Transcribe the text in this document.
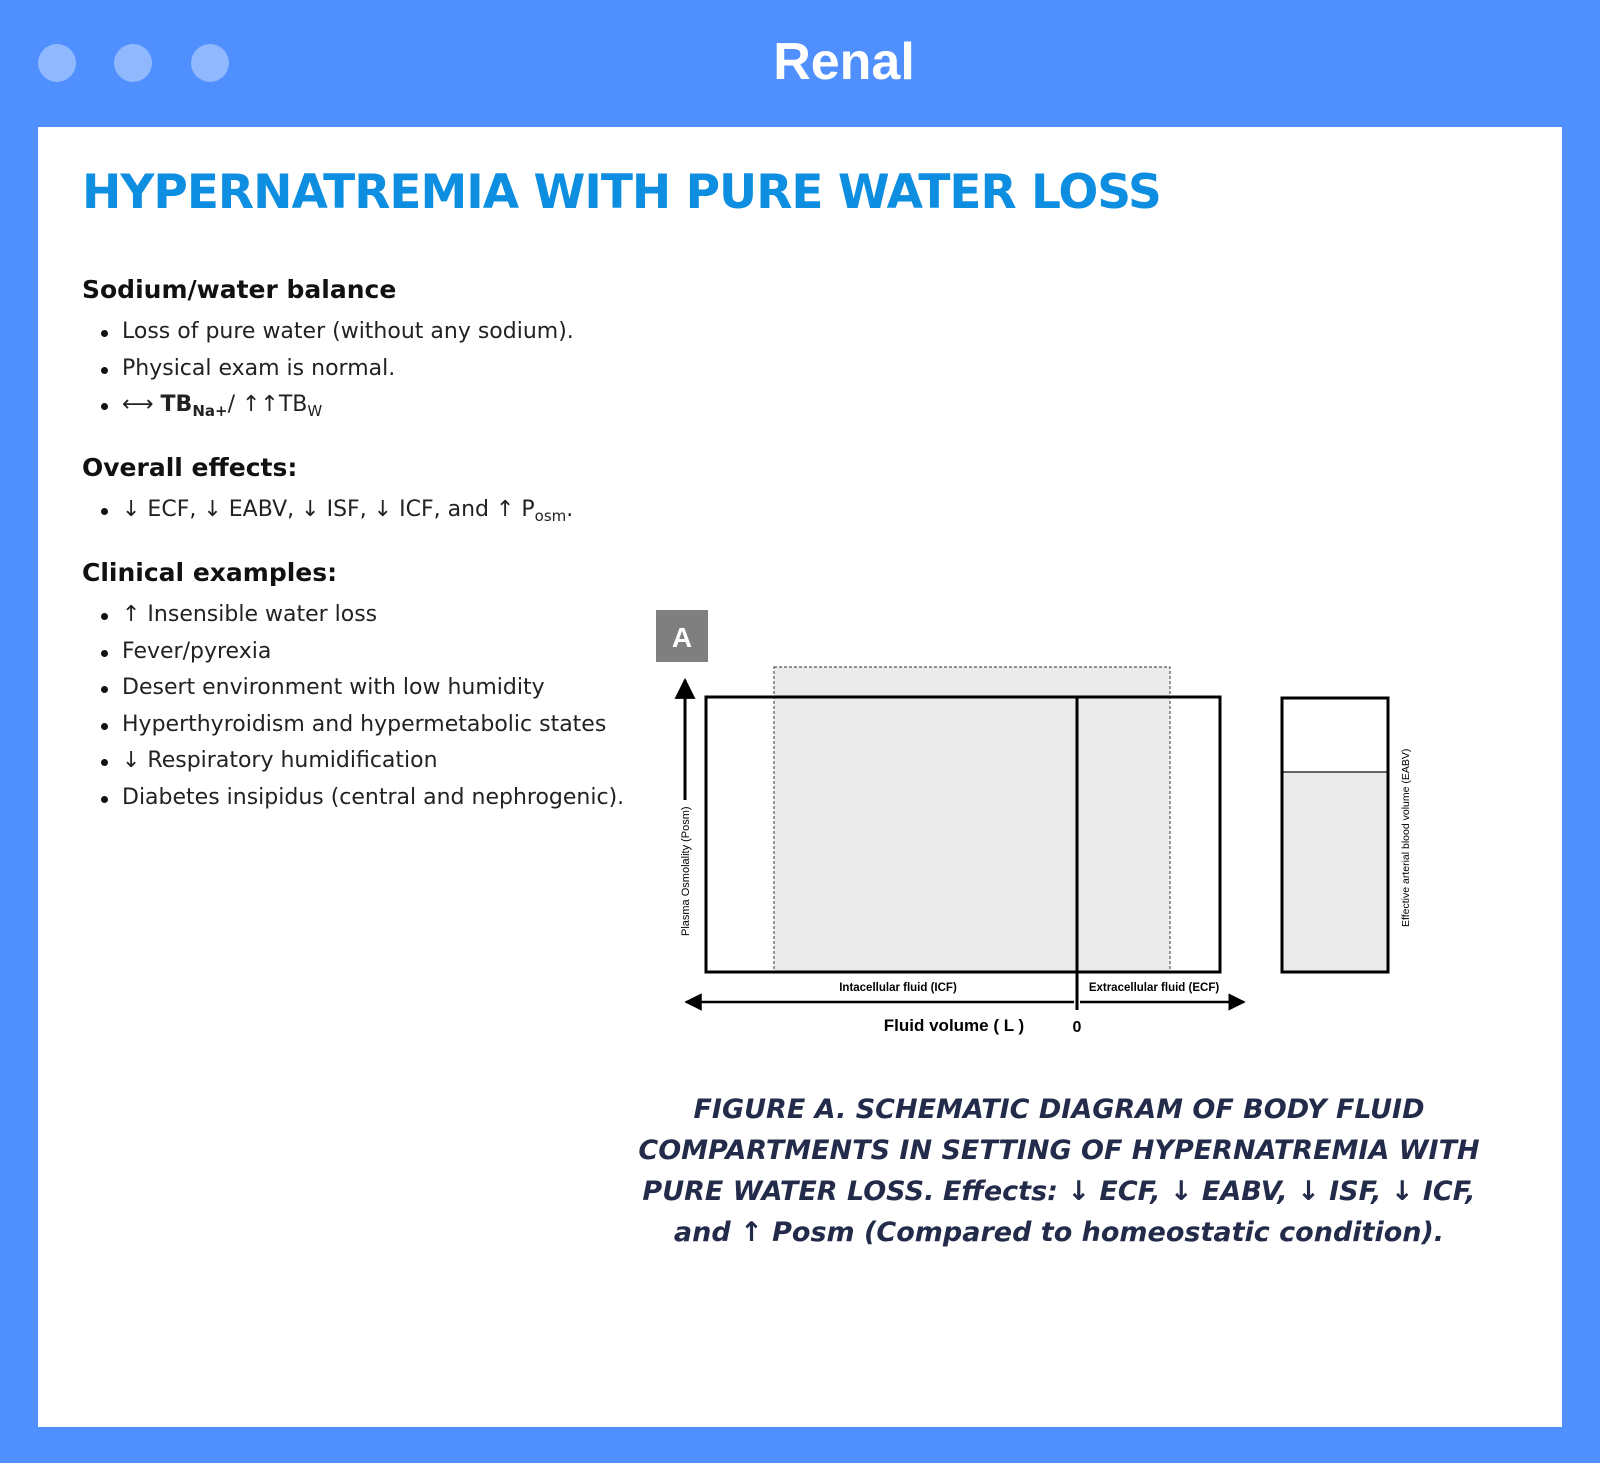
Renal
HYPERNATREMIA WITH PURE WATER LOSS
Sodium/water balance
Loss of pure water (without any sodium).
Physical exam is normal.
⟷ $TB_{Na+}/$ $↑↑TB_W$
Overall effects:
↓ ECF, ↓ EABV, ↓ ISF, ↓ ICF, and ↑ $P_{osm}$.
Clinical examples:
↑ Insensible water loss
Fever/pyrexia
Desert environment with low humidity
Hyperthyroidism and hypermetabolic states
↓ Respiratory humidification
Diabetes insipidus (central and nephrogenic).
A
Plasma Osmolality (Posm)
Intacellular fluid (ICF)	Extracellular fluid (ECF)
Fluid volume ( L )	0
Effective arterial blood volume (EABV)

FIGURE A. SCHEMATIC DIAGRAM OF BODY FLUID COMPARTMENTS IN SETTING OF HYPERNATREMIA WITH PURE WATER LOSS. Effects: ↓ ECF, ↓ EABV, ↓ ISF, ↓ ICF, and ↑ Posm (Compared to homeostatic condition).
